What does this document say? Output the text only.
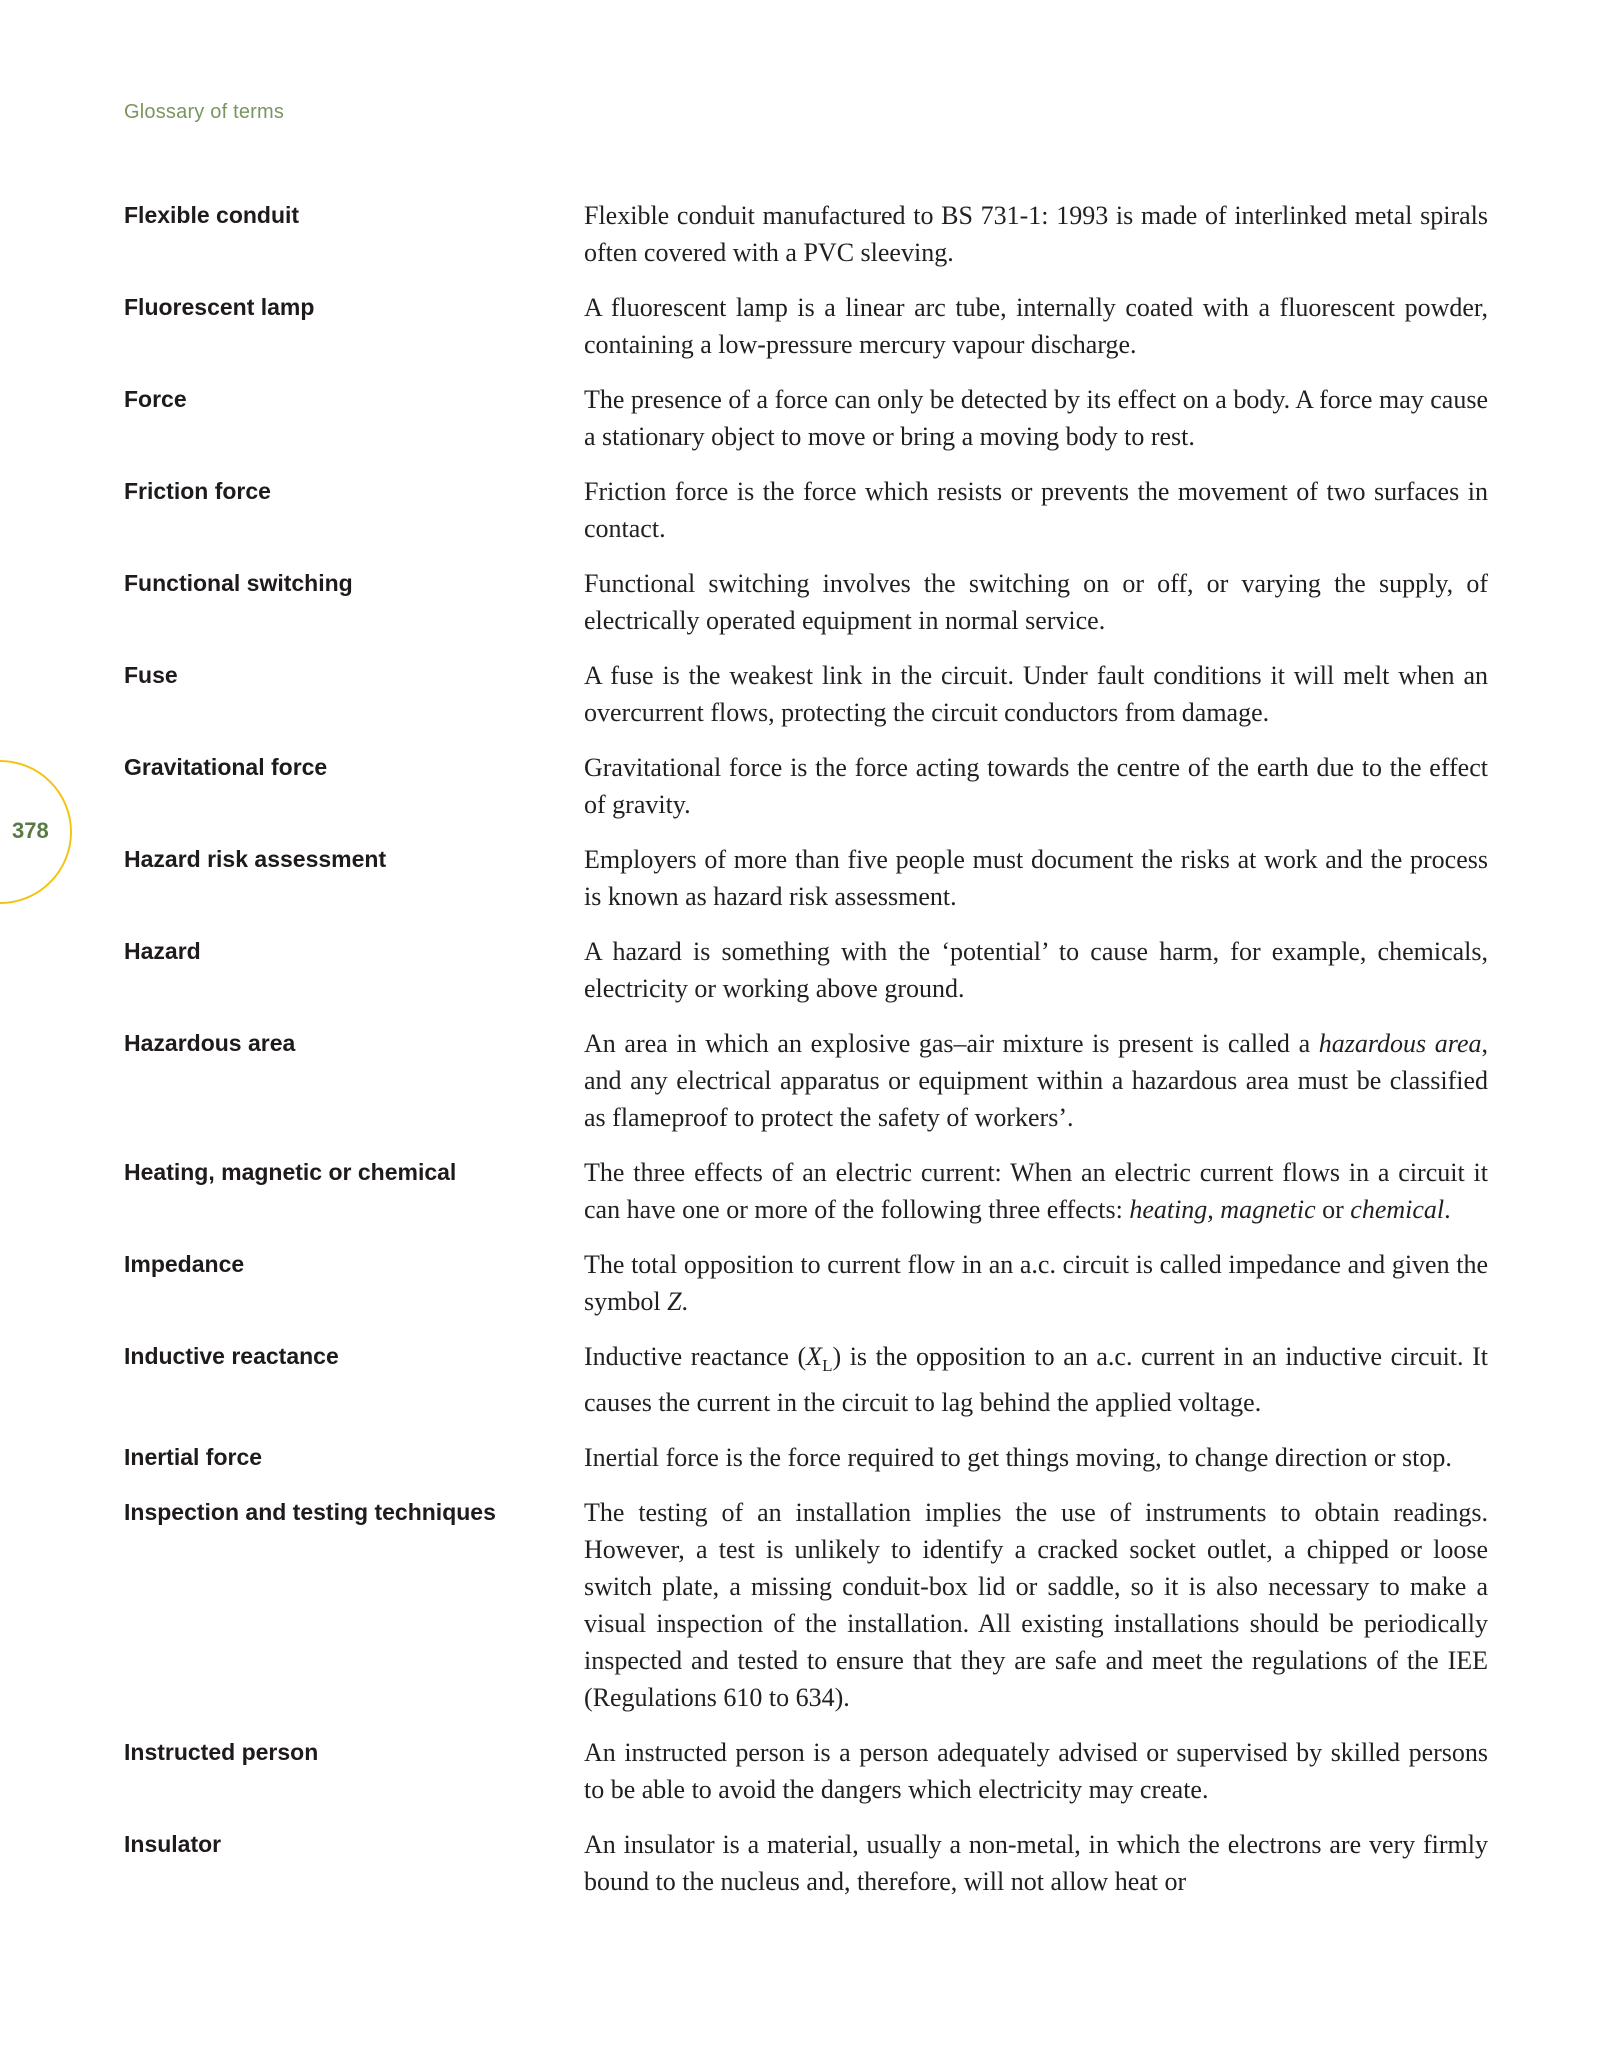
Glossary of terms
378
Flexible conduit	Flexible conduit manufactured to BS 731-1: 1993 is made of interlinked metal spirals often covered with a PVC sleeving.
Fluorescent lamp	A fluorescent lamp is a linear arc tube, internally coated with a fluorescent powder, containing a low-pressure mercury vapour discharge.
Force	The presence of a force can only be detected by its effect on a body. A force may cause a stationary object to move or bring a moving body to rest.
Friction force	Friction force is the force which resists or prevents the movement of two surfaces in contact.
Functional switching	Functional switching involves the switching on or off, or varying the supply, of electrically operated equipment in normal service.
Fuse	A fuse is the weakest link in the circuit. Under fault conditions it will melt when an overcurrent flows, protecting the circuit conductors from damage.
Gravitational force	Gravitational force is the force acting towards the centre of the earth due to the effect of gravity.
Hazard risk assessment	Employers of more than five people must document the risks at work and the process is known as hazard risk assessment.
Hazard	A hazard is something with the ‘potential’ to cause harm, for example, chemicals, electricity or working above ground.
Hazardous area	An area in which an explosive gas–air mixture is present is called a hazardous area, and any electrical apparatus or equipment within a hazardous area must be classified as flameproof to protect the safety of workers’.
Heating, magnetic or chemical	The three effects of an electric current: When an electric current flows in a circuit it can have one or more of the following three effects: heating, magnetic or chemical.
Impedance	The total opposition to current flow in an a.c. circuit is called impedance and given the symbol Z.
Inductive reactance	Inductive reactance $(X_L)$ is the opposition to an a.c. current in an inductive circuit. It causes the current in the circuit to lag behind the applied voltage.
Inertial force	Inertial force is the force required to get things moving, to change direction or stop.
Inspection and testing techniques	The testing of an installation implies the use of instruments to obtain readings. However, a test is unlikely to identify a cracked socket outlet, a chipped or loose switch plate, a missing conduit-box lid or saddle, so it is also necessary to make a visual inspection of the installation. All existing installations should be periodically inspected and tested to ensure that they are safe and meet the regulations of the IEE (Regulations 610 to 634).
Instructed person	An instructed person is a person adequately advised or supervised by skilled persons to be able to avoid the dangers which electricity may create.
Insulator	An insulator is a material, usually a non-metal, in which the electrons are very firmly bound to the nucleus and, therefore, will not allow heat or
